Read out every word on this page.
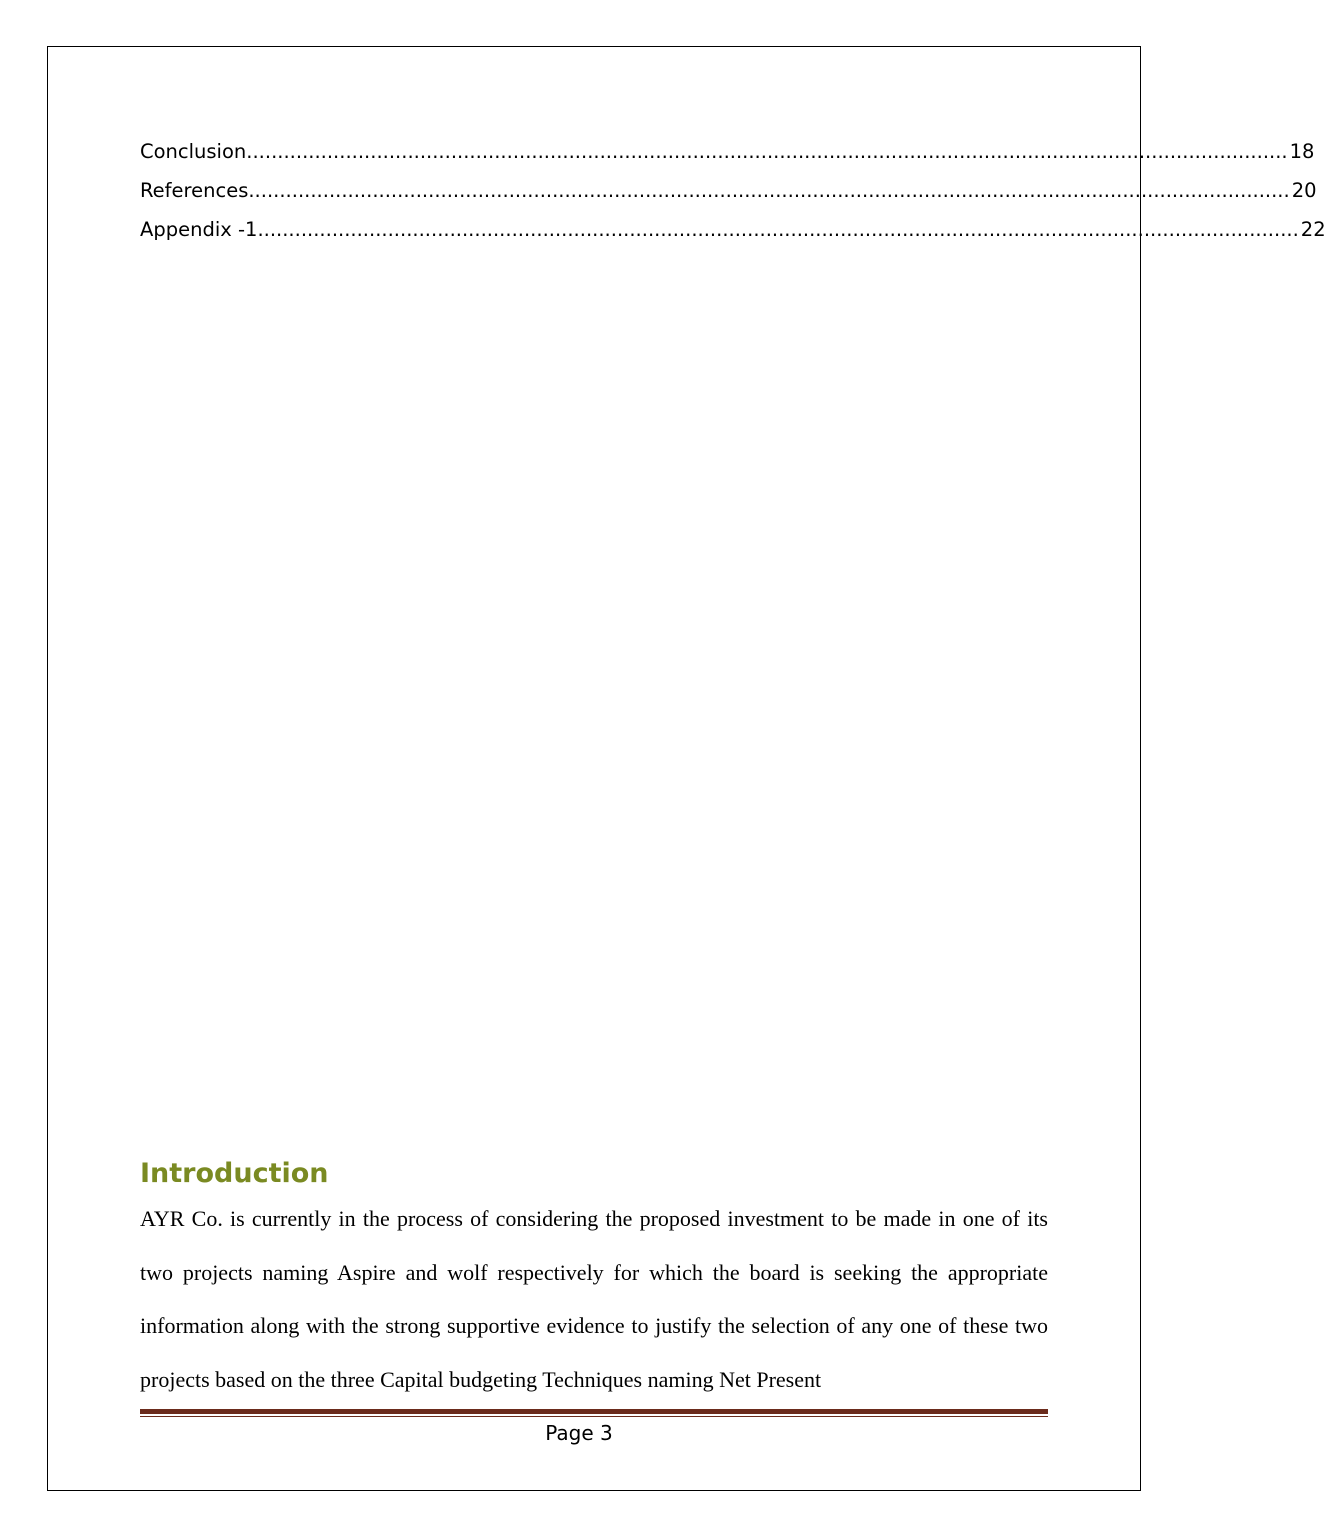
Conclusion ........................................................................................................................................................................ 18
References ........................................................................................................................................................................ 20
Appendix -1 ........................................................................................................................................................................ 22
Introduction

AYR Co. is currently in the process of considering the proposed investment to be made in one of its two projects naming Aspire and wolf respectively for which the board is seeking the appropriate information along with the strong supportive evidence to justify the selection of any one of these two projects based on the three Capital budgeting Techniques naming Net Present

Page 3
